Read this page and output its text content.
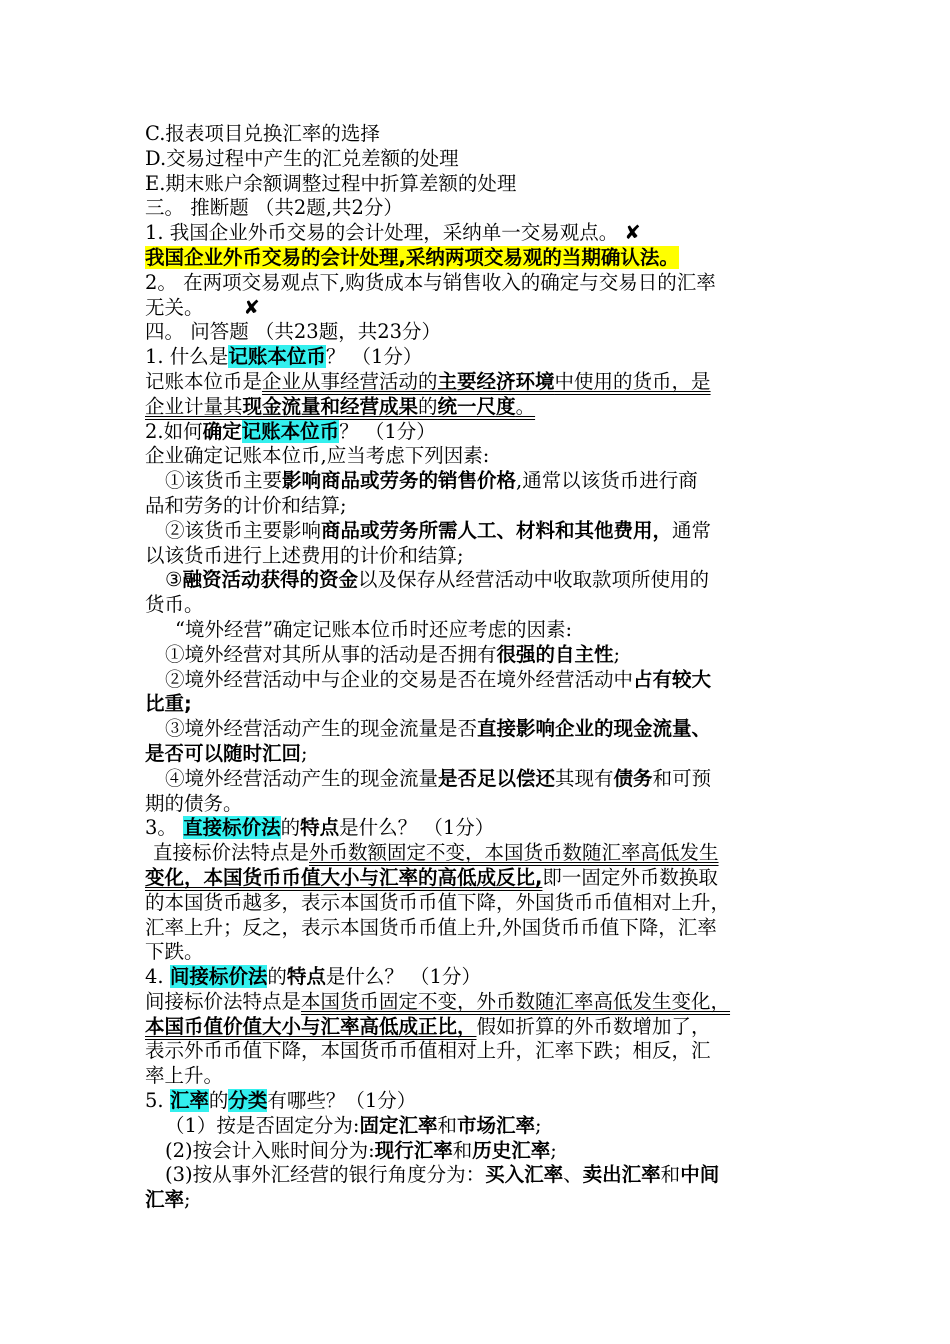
C.报表项目兑换汇率的选择
D.交易过程中产生的汇兑差额的处理
E.期末账户余额调整过程中折算差额的处理
三。 推断题 （共2题,共2分）
1. 我国企业外币交易的会计处理，采纳单一交易观点。 ✘
我国企业外币交易的会计处理,采纳两项交易观的当期确认法。
2。 在两项交易观点下,购货成本与销售收入的确定与交易日的汇率
无关。 ✘
四。 问答题 （共23题，共23分）
1. 什么是记账本位币？ （1分）
记账本位币是企业从事经营活动的主要经济环境中使用的货币，是
企业计量其现金流量和经营成果的统一尺度。
2.如何确定记账本位币？ （1分）
企业确定记账本位币,应当考虑下列因素:
①该货币主要影响商品或劳务的销售价格,通常以该货币进行商
品和劳务的计价和结算;
②该货币主要影响商品或劳务所需人工、材料和其他费用，通常
以该货币进行上述费用的计价和结算;
③融资活动获得的资金以及保存从经营活动中收取款项所使用的
货币。
“境外经营”确定记账本位币时还应考虑的因素:
①境外经营对其所从事的活动是否拥有很强的自主性;
②境外经营活动中与企业的交易是否在境外经营活动中占有较大
比重;
③境外经营活动产生的现金流量是否直接影响企业的现金流量、
是否可以随时汇回;
④境外经营活动产生的现金流量是否足以偿还其现有债务和可预
期的债务。
3。 直接标价法的特点是什么？ （1分）
直接标价法特点是外币数额固定不变，本国货币数随汇率高低发生
变化，本国货币币值大小与汇率的高低成反比,即一固定外币数换取
的本国货币越多，表示本国货币币值下降，外国货币币值相对上升，
汇率上升；反之，表示本国货币币值上升,外国货币币值下降，汇率
下跌。
4. 间接标价法的特点是什么？ （1分）
间接标价法特点是本国货币固定不变，外币数随汇率高低发生变化，
本国币值价值大小与汇率高低成正比，假如折算的外币数增加了，
表示外币币值下降，本国货币币值相对上升，汇率下跌；相反，汇
率上升。
5. 汇率的分类有哪些？（1分）
（1）按是否固定分为:固定汇率和市场汇率;
(2)按会计入账时间分为:现行汇率和历史汇率;
(3)按从事外汇经营的银行角度分为：买入汇率、卖出汇率和中间
汇率;
